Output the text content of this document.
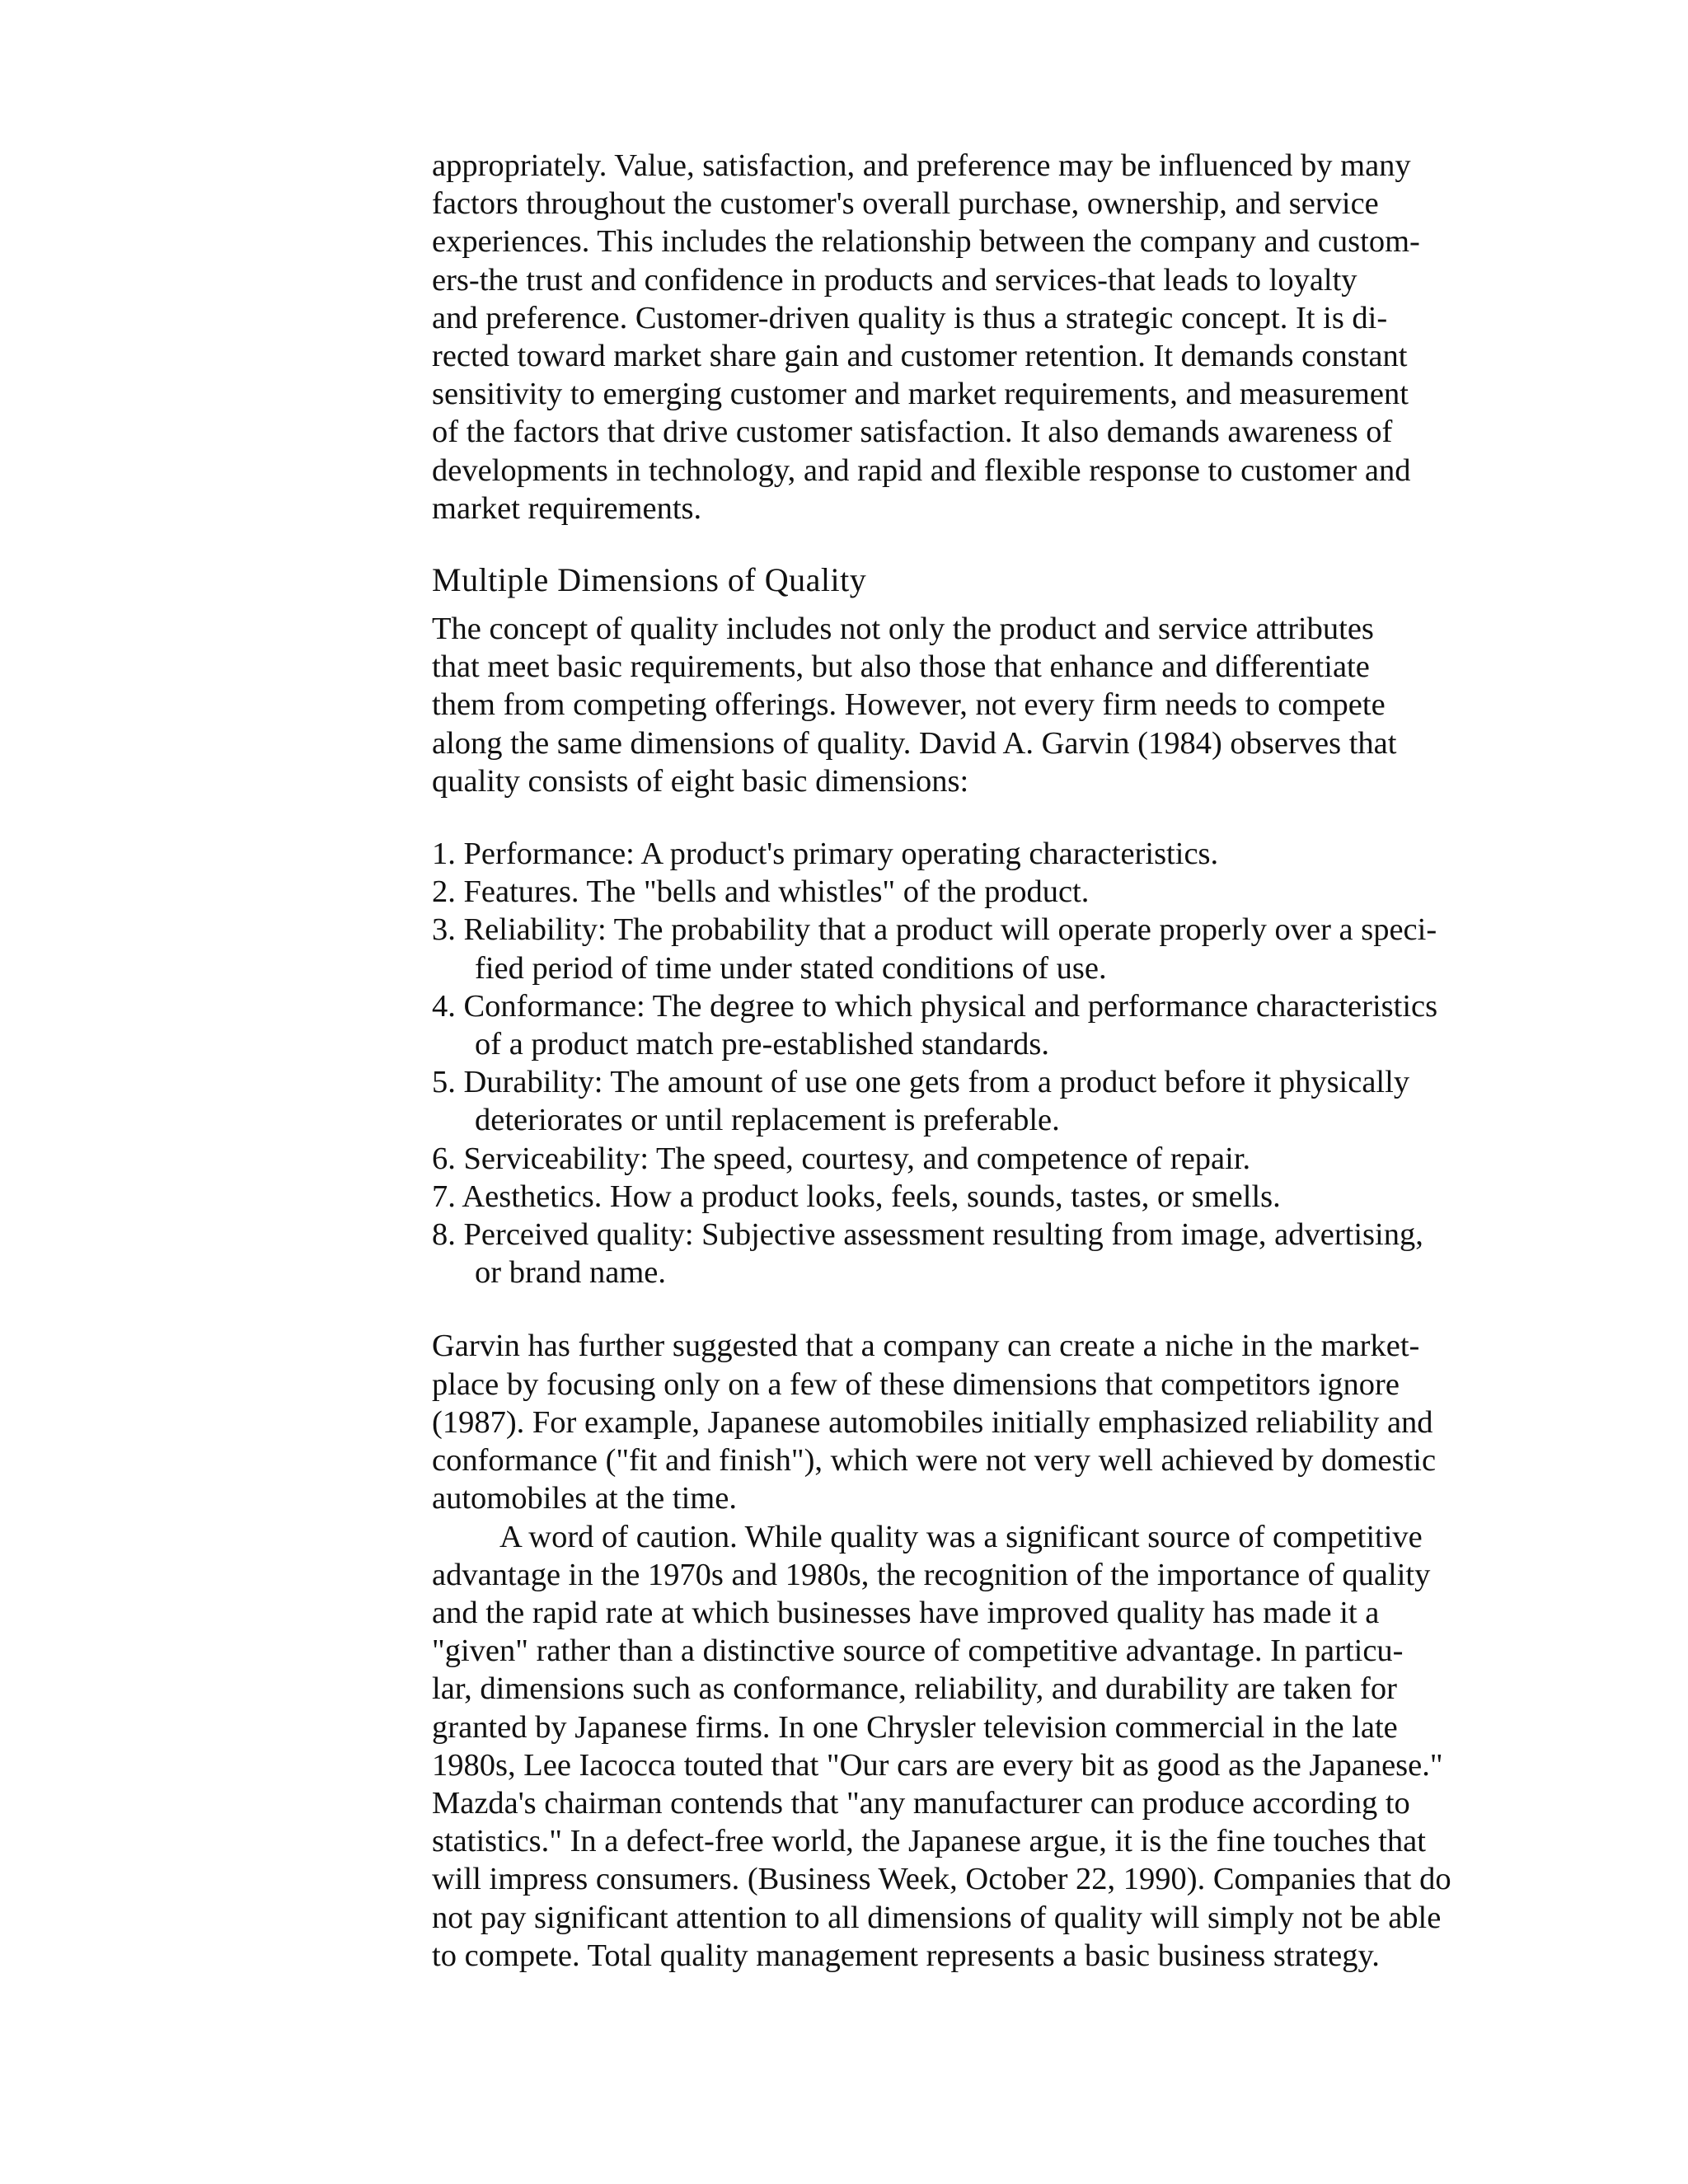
appropriately. Value, satisfaction, and preference may be influenced by many
factors throughout the customer's overall purchase, ownership, and service
experiences. This includes the relationship between the company and custom-
ers-the trust and confidence in products and services-that leads to loyalty
and preference. Customer-driven quality is thus a strategic concept. It is di-
rected toward market share gain and customer retention. It demands constant
sensitivity to emerging customer and market requirements, and measurement
of the factors that drive customer satisfaction. It also demands awareness of
developments in technology, and rapid and flexible response to customer and
market requirements.

Multiple Dimensions of Quality

The concept of quality includes not only the product and service attributes
that meet basic requirements, but also those that enhance and differentiate
them from competing offerings. However, not every firm needs to compete
along the same dimensions of quality. David A. Garvin (1984) observes that
quality consists of eight basic dimensions:

1. Performance: A product's primary operating characteristics.
2. Features. The "bells and whistles" of the product.
3. Reliability: The probability that a product will operate properly over a speci-
fied period of time under stated conditions of use.
4. Conformance: The degree to which physical and performance characteristics
of a product match pre-established standards.
5. Durability: The amount of use one gets from a product before it physically
deteriorates or until replacement is preferable.
6. Serviceability: The speed, courtesy, and competence of repair.
7. Aesthetics. How a product looks, feels, sounds, tastes, or smells.
8. Perceived quality: Subjective assessment resulting from image, advertising,
or brand name.

Garvin has further suggested that a company can create a niche in the market-
place by focusing only on a few of these dimensions that competitors ignore
(1987). For example, Japanese automobiles initially emphasized reliability and
conformance ("fit and finish"), which were not very well achieved by domestic
automobiles at the time.

A word of caution. While quality was a significant source of competitive
advantage in the 1970s and 1980s, the recognition of the importance of quality
and the rapid rate at which businesses have improved quality has made it a
"given" rather than a distinctive source of competitive advantage. In particu-
lar, dimensions such as conformance, reliability, and durability are taken for
granted by Japanese firms. In one Chrysler television commercial in the late
1980s, Lee Iacocca touted that "Our cars are every bit as good as the Japanese."
Mazda's chairman contends that "any manufacturer can produce according to
statistics." In a defect-free world, the Japanese argue, it is the fine touches that
will impress consumers. (Business Week, October 22, 1990). Companies that do
not pay significant attention to all dimensions of quality will simply not be able
to compete. Total quality management represents a basic business strategy.
